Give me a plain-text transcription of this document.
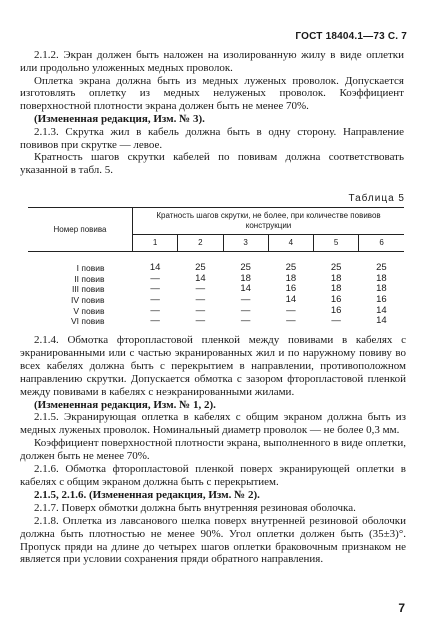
ГОСТ 18404.1—73 С. 7

2.1.2. Экран должен быть наложен на изолированную жилу в виде оплетки или продольно уложенных медных проволок.

Оплетка экрана должна быть из медных луженых проволок. Допускается изготовлять оплетку из медных нелуженых проволок. Коэффициент поверхностной плотности экрана должен быть не менее 70%.

(Измененная редакция, Изм. № 3).

2.1.3. Скрутка жил в кабель должна быть в одну сторону. Направление повивов при скрутке — левое.

Кратность шагов скрутки кабелей по повивам должна соответствовать указанной в табл. 5.

Таблица 5
Номер повива	Кратность шагов скрутки, не более, при количестве повивов конструкции					
	1	2	3	4	5	6
I повив	14	25	25	25	25	25
II повив	—	14	18	18	18	18
III повив	—	—	14	16	18	18
IV повив	—	—	—	14	16	16
V повив	—	—	—	—	16	14
VI повив	—	—	—	—	—	14

2.1.4. Обмотка фторопластовой пленкой между повивами в кабелях с экранированными или с частью экранированных жил и по наружному повиву во всех кабелях должна быть с перекрытием в направлении, противоположном направлению скрутки. Допускается обмотка с зазором фторопластовой пленкой между повивами в кабелях с неэкранированными жилами.

(Измененная редакция, Изм. № 1, 2).

2.1.5. Экранирующая оплетка в кабелях с общим экраном должна быть из медных луженых проволок. Номинальный диаметр проволок — не более 0,3 мм.

Коэффициент поверхностной плотности экрана, выполненного в виде оплетки, должен быть не менее 70%.

2.1.6. Обмотка фторопластовой пленкой поверх экранирующей оплетки в кабелях с общим экраном должна быть с перекрытием.

2.1.5, 2.1.6. (Измененная редакция, Изм. № 2).

2.1.7. Поверх обмотки должна быть внутренняя резиновая оболочка.

2.1.8. Оплетка из лавсанового шелка поверх внутренней резиновой оболочки должна быть плотностью не менее 90%. Угол оплетки должен быть (35±3)°. Пропуск пряди на длине до четырех шагов оплетки браковочным признаком не является при условии сохранения пряди обратного направления.

7
